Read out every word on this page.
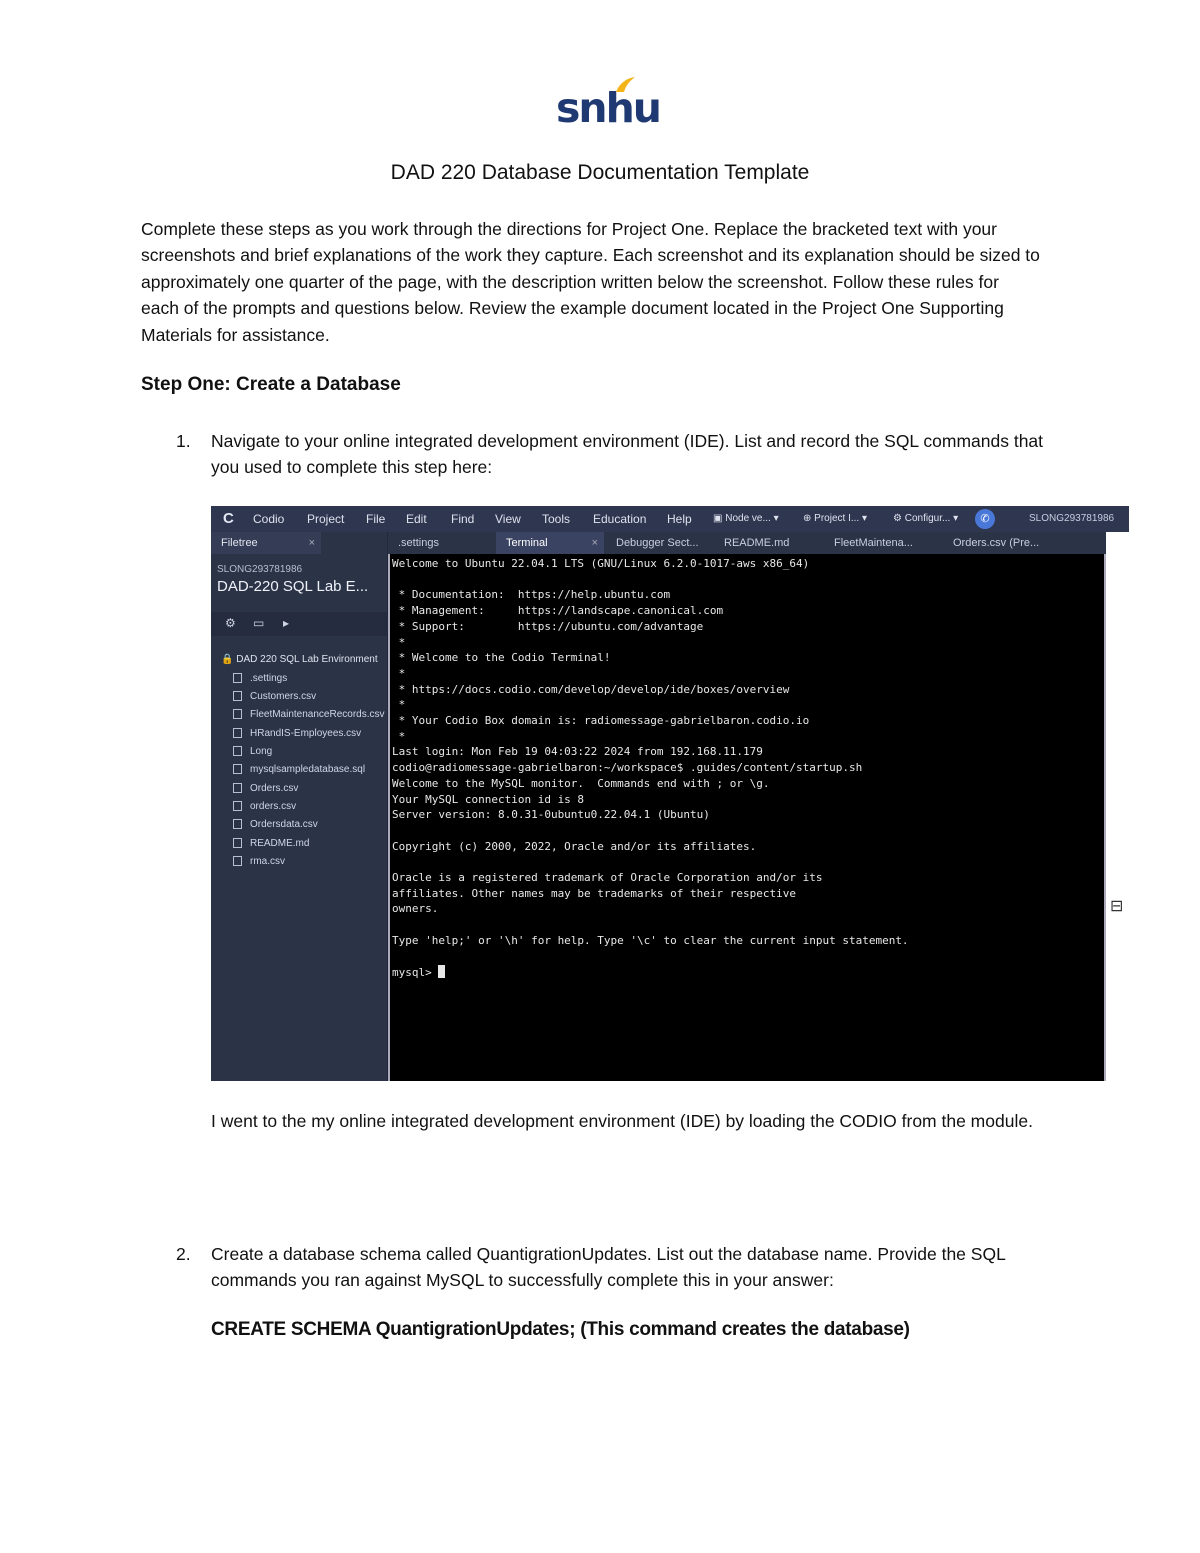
snhu
DAD 220 Database Documentation Template
Complete these steps as you work through the directions for Project One. Replace the bracketed text with your screenshots and brief explanations of the work they capture. Each screenshot and its explanation should be sized to approximately one quarter of the page, with the description written below the screenshot. Follow these rules for each of the prompts and questions below. Review the example document located in the Project One Supporting Materials for assistance.
Step One: Create a Database
1. Navigate to your online integrated development environment (IDE). List and record the SQL commands that you used to complete this step here:
C Codio Project File Edit Find View Tools Education Help ▣ Node ve... ▾ ⊕ Project I... ▾	⚙ Configur... ▾	✆	SLONG293781986
Filetree	×
SLONG293781986
DAD-220 SQL Lab E...
⚙ ▭ ▸
🔒 DAD 220 SQL Lab Environment
.settings
Customers.csv
FleetMaintenanceRecords.csv
HRandIS-Employees.csv
Long
mysqlsampledatabase.sql
Orders.csv
orders.csv
Ordersdata.csv
README.md
rma.csv
.settings	Terminal	×	Debugger Sect...	README.md	FleetMaintena...	Orders.csv (Pre...
Welcome to Ubuntu 22.04.1 LTS (GNU/Linux 6.2.0-1017-aws x86_64)
* Documentation:  https://help.ubuntu.com
* Management:     https://landscape.canonical.com
* Support:        https://ubuntu.com/advantage
*
* Welcome to the Codio Terminal!
*
* https://docs.codio.com/develop/develop/ide/boxes/overview
*
* Your Codio Box domain is: radiomessage-gabrielbaron.codio.io
*
Last login: Mon Feb 19 04:03:22 2024 from 192.168.11.179
codio@radiomessage-gabrielbaron:~/workspace$ .guides/content/startup.sh
Welcome to the MySQL monitor.  Commands end with ; or \g.
Your MySQL connection id is 8
Server version: 8.0.31-0ubuntu0.22.04.1 (Ubuntu)
Copyright (c) 2000, 2022, Oracle and/or its affiliates.
Oracle is a registered trademark of Oracle Corporation and/or its
affiliates. Other names may be trademarks of their respective
owners.
Type 'help;' or '\h' for help. Type '\c' to clear the current input statement.
mysql>
⊟
I went to the my online integrated development environment (IDE) by loading the CODIO from the module.
2. Create a database schema called QuantigrationUpdates. List out the database name. Provide the SQL commands you ran against MySQL to successfully complete this in your answer:
CREATE SCHEMA QuantigrationUpdates; (This command creates the database)
